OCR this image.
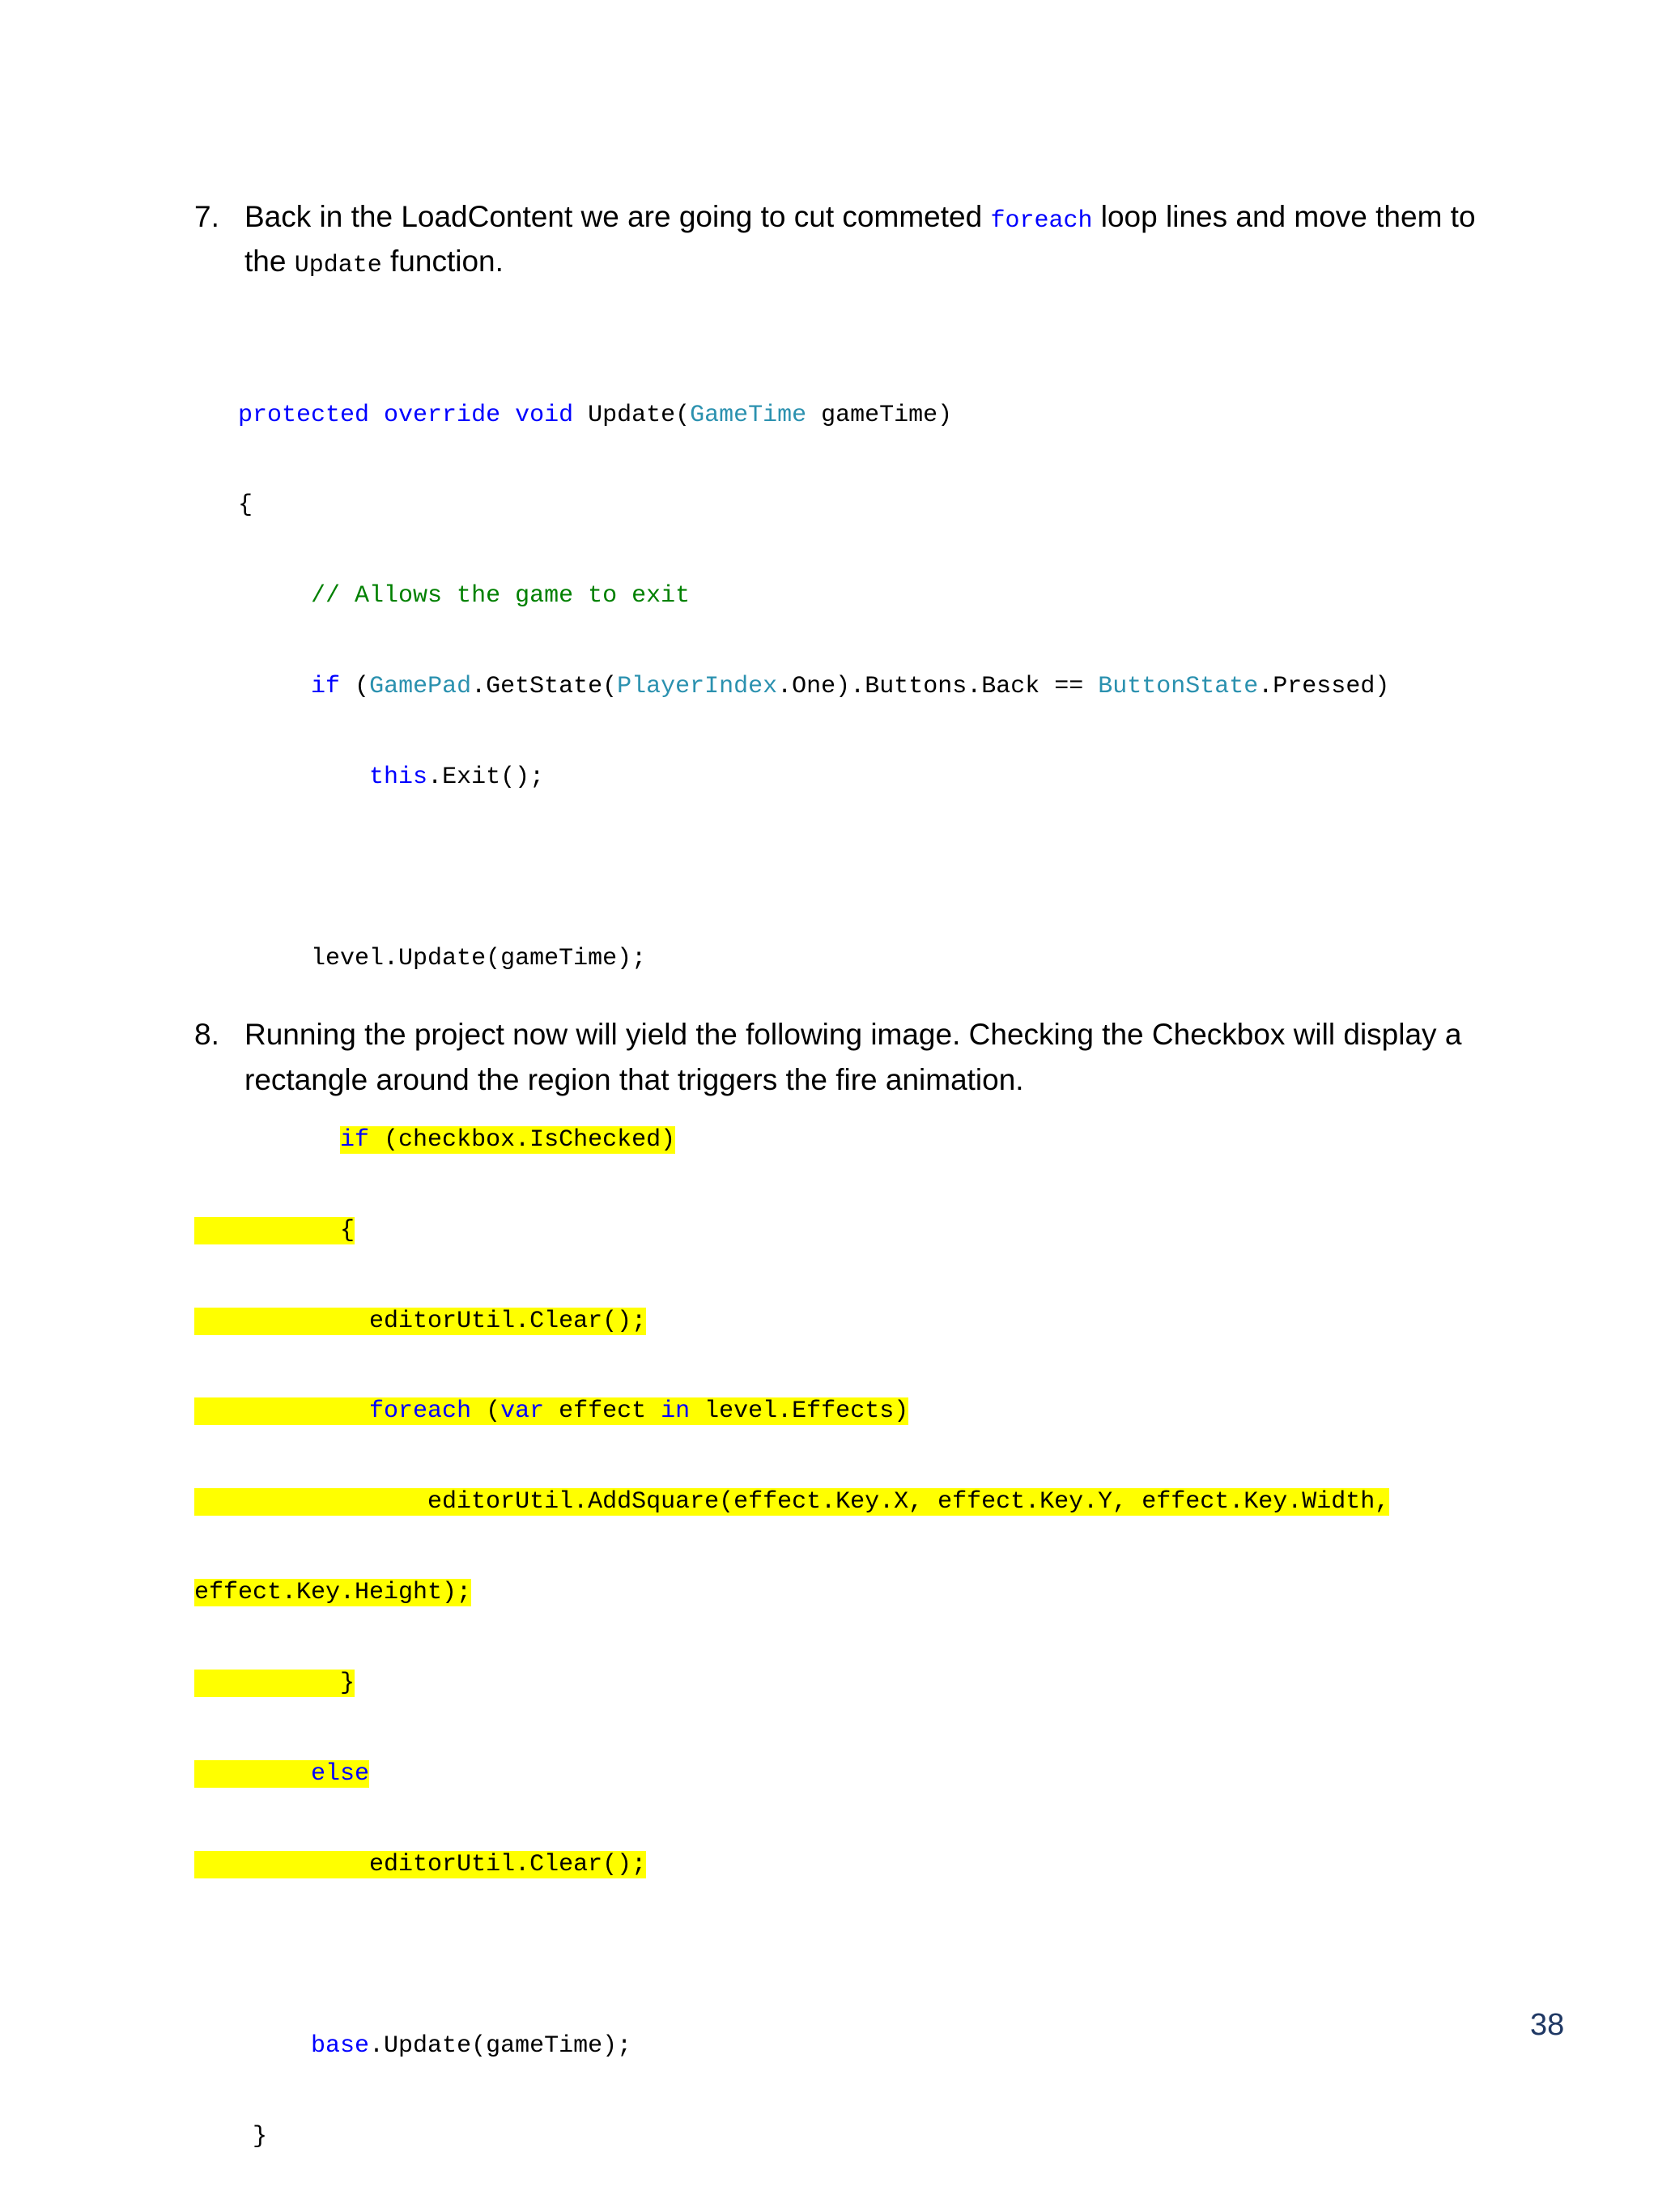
7. Back in the LoadContent we are going to cut commeted foreach loop lines and move them to the Update function.

protected override void Update(GameTime gameTime)

{

// Allows the game to exit

if (GamePad.GetState(PlayerIndex.One).Buttons.Back == ButtonState.Pressed)

this.Exit();

level.Update(gameTime);

if (checkbox.IsChecked)

{

editorUtil.Clear();

foreach (var effect in level.Effects)

editorUtil.AddSquare(effect.Key.X, effect.Key.Y, effect.Key.Width,

effect.Key.Height);

}

else

editorUtil.Clear();

base.Update(gameTime);

}

8. Running the project now will yield the following image. Checking the Checkbox will display a rectangle around the region that triggers the fire animation.
38
